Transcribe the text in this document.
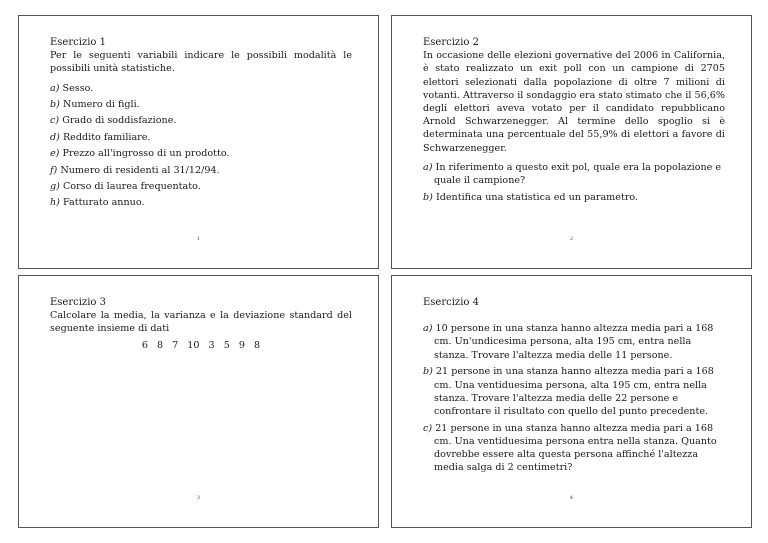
Esercizio 1

Per le seguenti variabili indicare le possibili modalità le possibili unità statistiche.

a) Sesso.
b) Numero di figli.
c) Grado di soddisfazione.
d) Reddito familiare.
e) Prezzo all'ingrosso di un prodotto.
f) Numero di residenti al 31/12/94.
g) Corso di laurea frequentato.
h) Fatturato annuo.
1
Esercizio 2

In occasione delle elezioni governative del 2006 in California, è stato realizzato un exit poll con un campione di 2705 elettori selezionati dalla popolazione di oltre 7 milioni di votanti. Attraverso il sondaggio era stato stimato che il 56,6% degli elettori aveva votato per il candidato repubblicano Arnold Schwarzenegger. Al termine dello spoglio si è determinata una percentuale del 55,9% di elettori a favore di Schwarzenegger.

a) In riferimento a questo exit pol, quale era la popolazione e quale il campione?
b) Identifica una statistica ed un parametro.
2
Esercizio 3

Calcolare la media, la varianza e la deviazione standard del seguente insieme di dati

6 8 7 10 3 5 9 8
3
Esercizio 4
a) 10 persone in una stanza hanno altezza media pari a 168 cm. Un'undicesima persona, alta 195 cm, entra nella stanza. Trovare l'altezza media delle 11 persone.
b) 21 persone in una stanza hanno altezza media pari a 168 cm. Una ventiduesima persona, alta 195 cm, entra nella stanza. Trovare l'altezza media delle 22 persone e confrontare il risultato con quello del punto precedente.
c) 21 persone in una stanza hanno altezza media pari a 168 cm. Una ventiduesima persona entra nella stanza. Quanto dovrebbe essere alta questa persona affinché l'altezza media salga di 2 centimetri?
4
